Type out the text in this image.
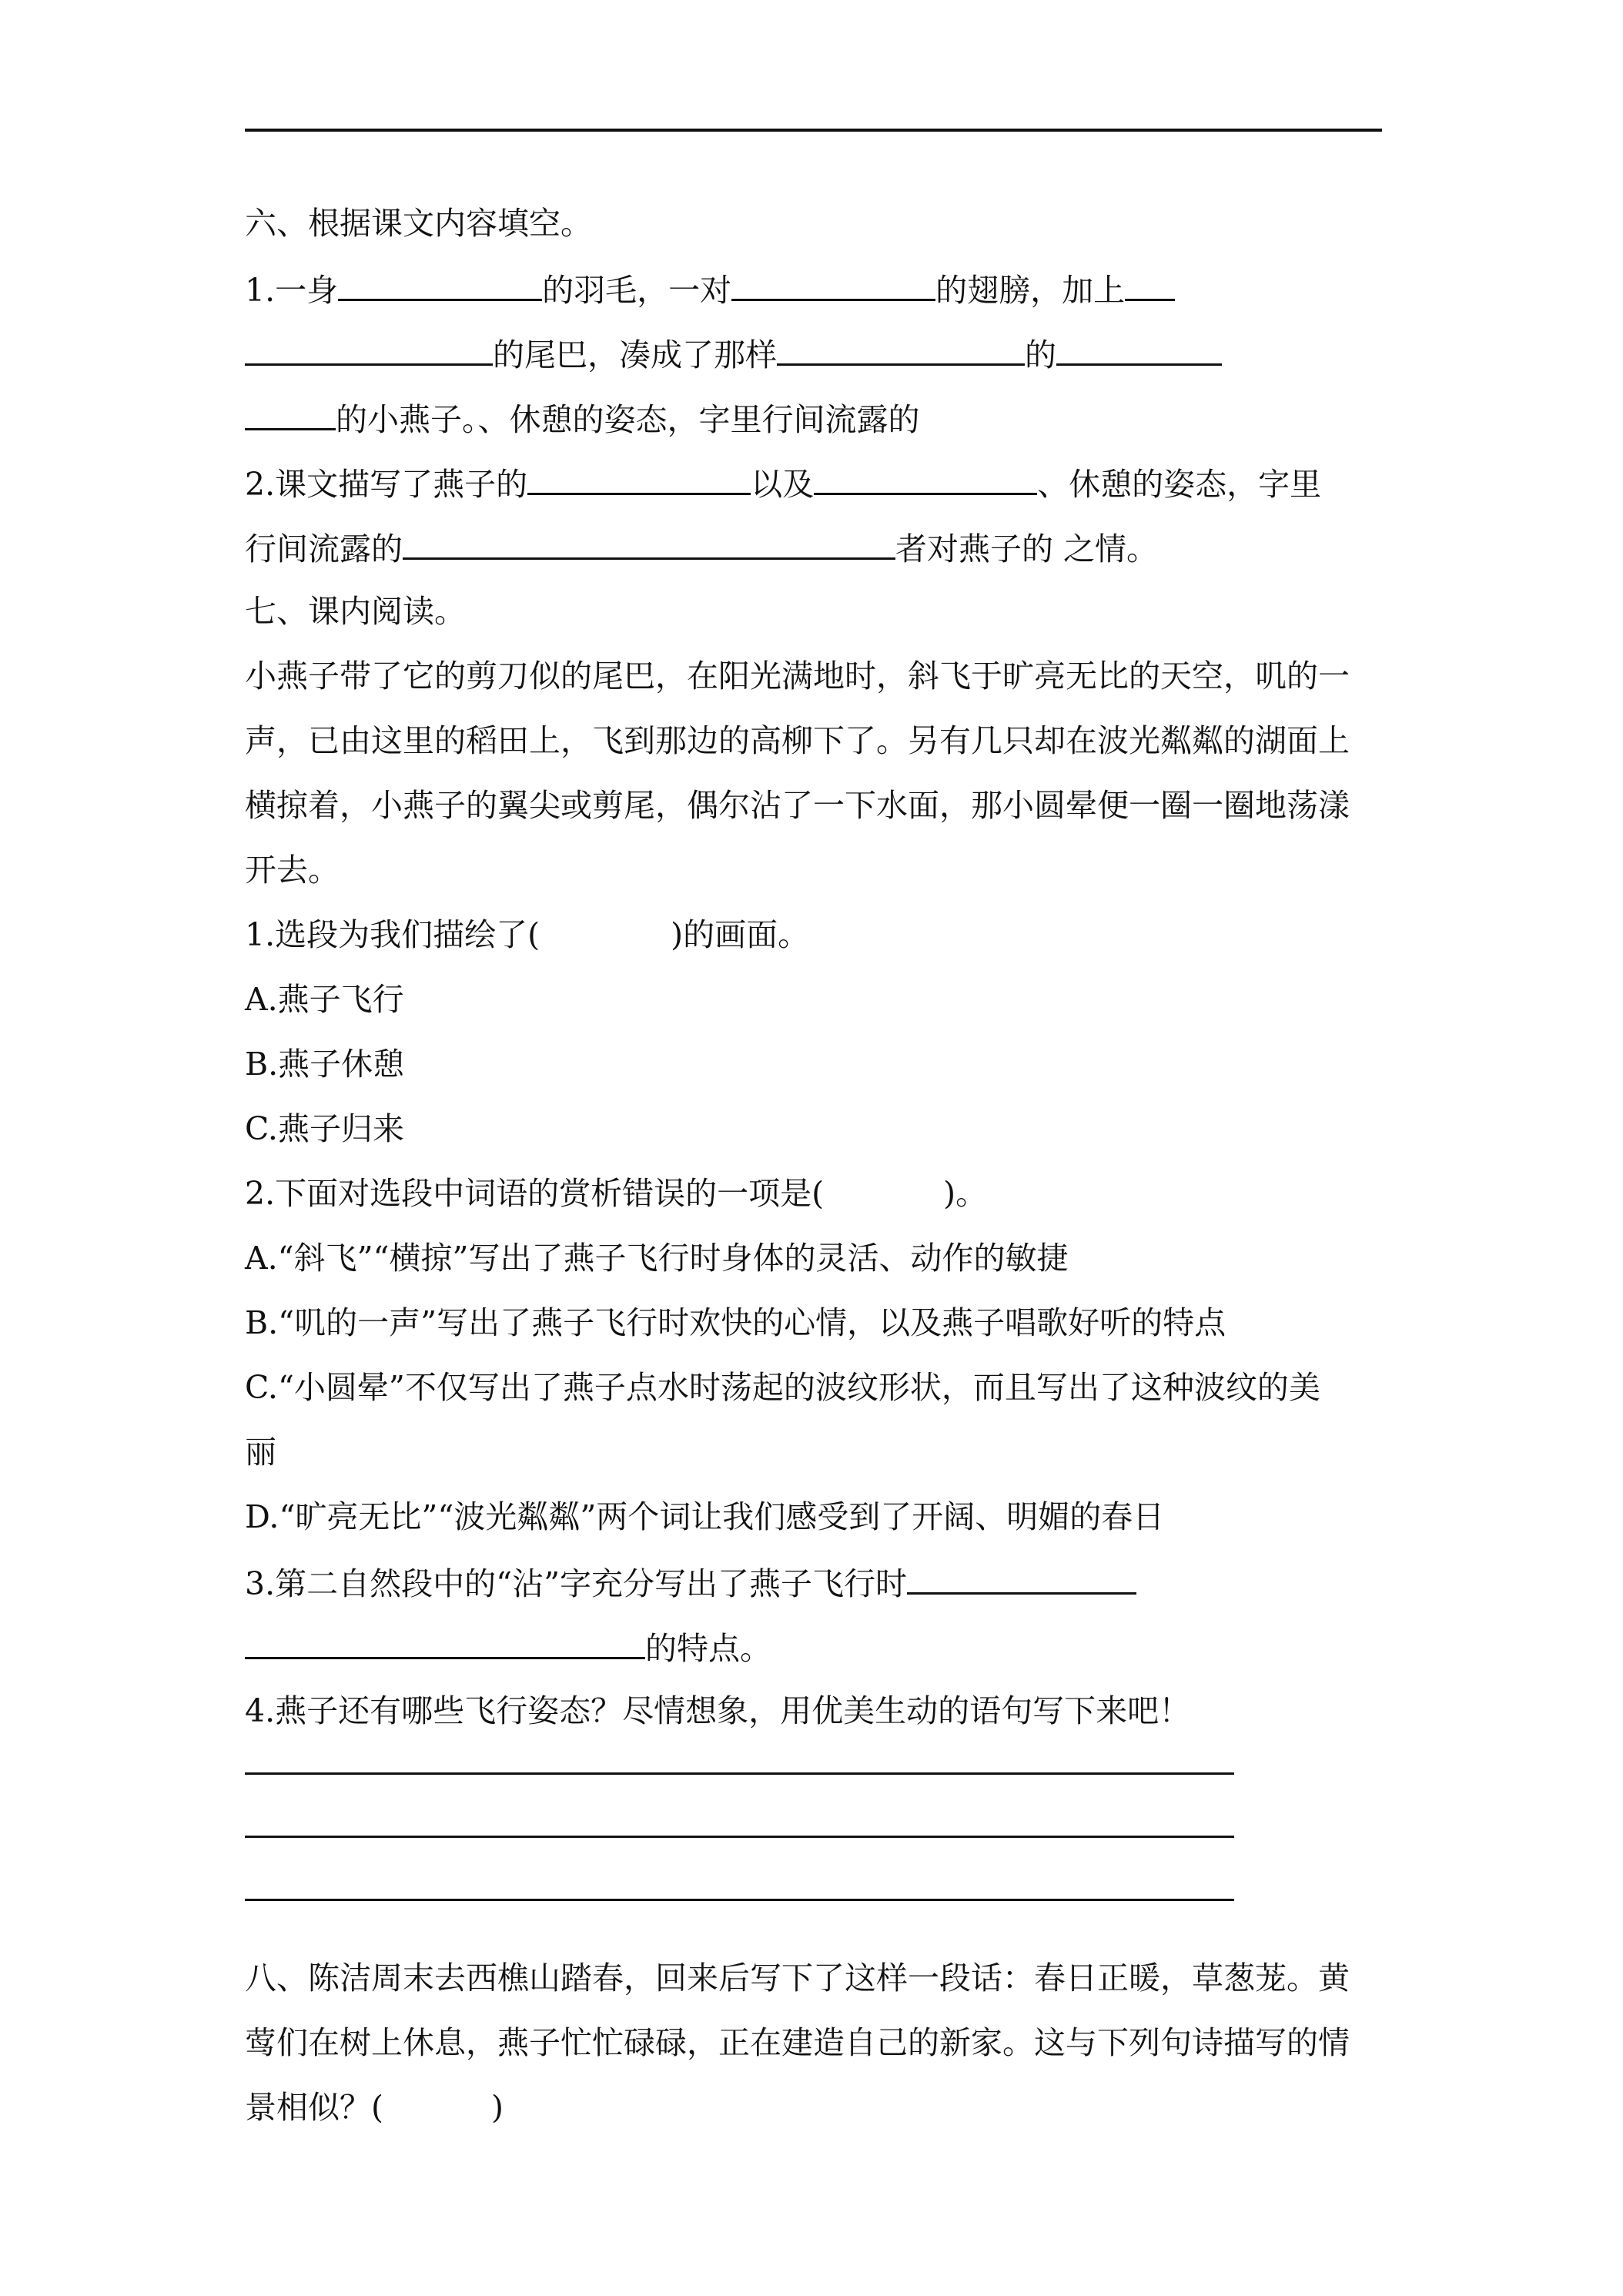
六、根据课文内容填空。
1.一身	的羽毛，一对	的翅膀，加上
的尾巴，凑成了那样	的
的小燕子。、休憩的姿态，字里行间流露的
2.课文描写了燕子的	以及	、休憩的姿态，字里
行间流露的	者对燕子的 之情。
七、课内阅读。
小燕子带了它的剪刀似的尾巴，在阳光满地时，斜飞于旷亮无比的天空，叽的一
声，已由这里的稻田上，飞到那边的高柳下了。另有几只却在波光粼粼的湖面上
横掠着，小燕子的翼尖或剪尾，偶尔沾了一下水面，那小圆晕便一圈一圈地荡漾
开去。
1.选段为我们描绘了(	)的画面。
A.燕子飞行
B.燕子休憩
C.燕子归来
2.下面对选段中词语的赏析错误的一项是(	)。
A.“斜飞”“横掠”写出了燕子飞行时身体的灵活、动作的敏捷
B.“叽的一声”写出了燕子飞行时欢快的心情，以及燕子唱歌好听的特点
C.“小圆晕”不仅写出了燕子点水时荡起的波纹形状，而且写出了这种波纹的美
丽
D.“旷亮无比”“波光粼粼”两个词让我们感受到了开阔、明媚的春日
3.第二自然段中的“沾”字充分写出了燕子飞行时
的特点。
4.燕子还有哪些飞行姿态？尽情想象，用优美生动的语句写下来吧！
八、陈洁周末去西樵山踏春，回来后写下了这样一段话：春日正暖，草葱茏。黄
莺们在树上休息，燕子忙忙碌碌，正在建造自己的新家。这与下列句诗描写的情
景相似？(	)
